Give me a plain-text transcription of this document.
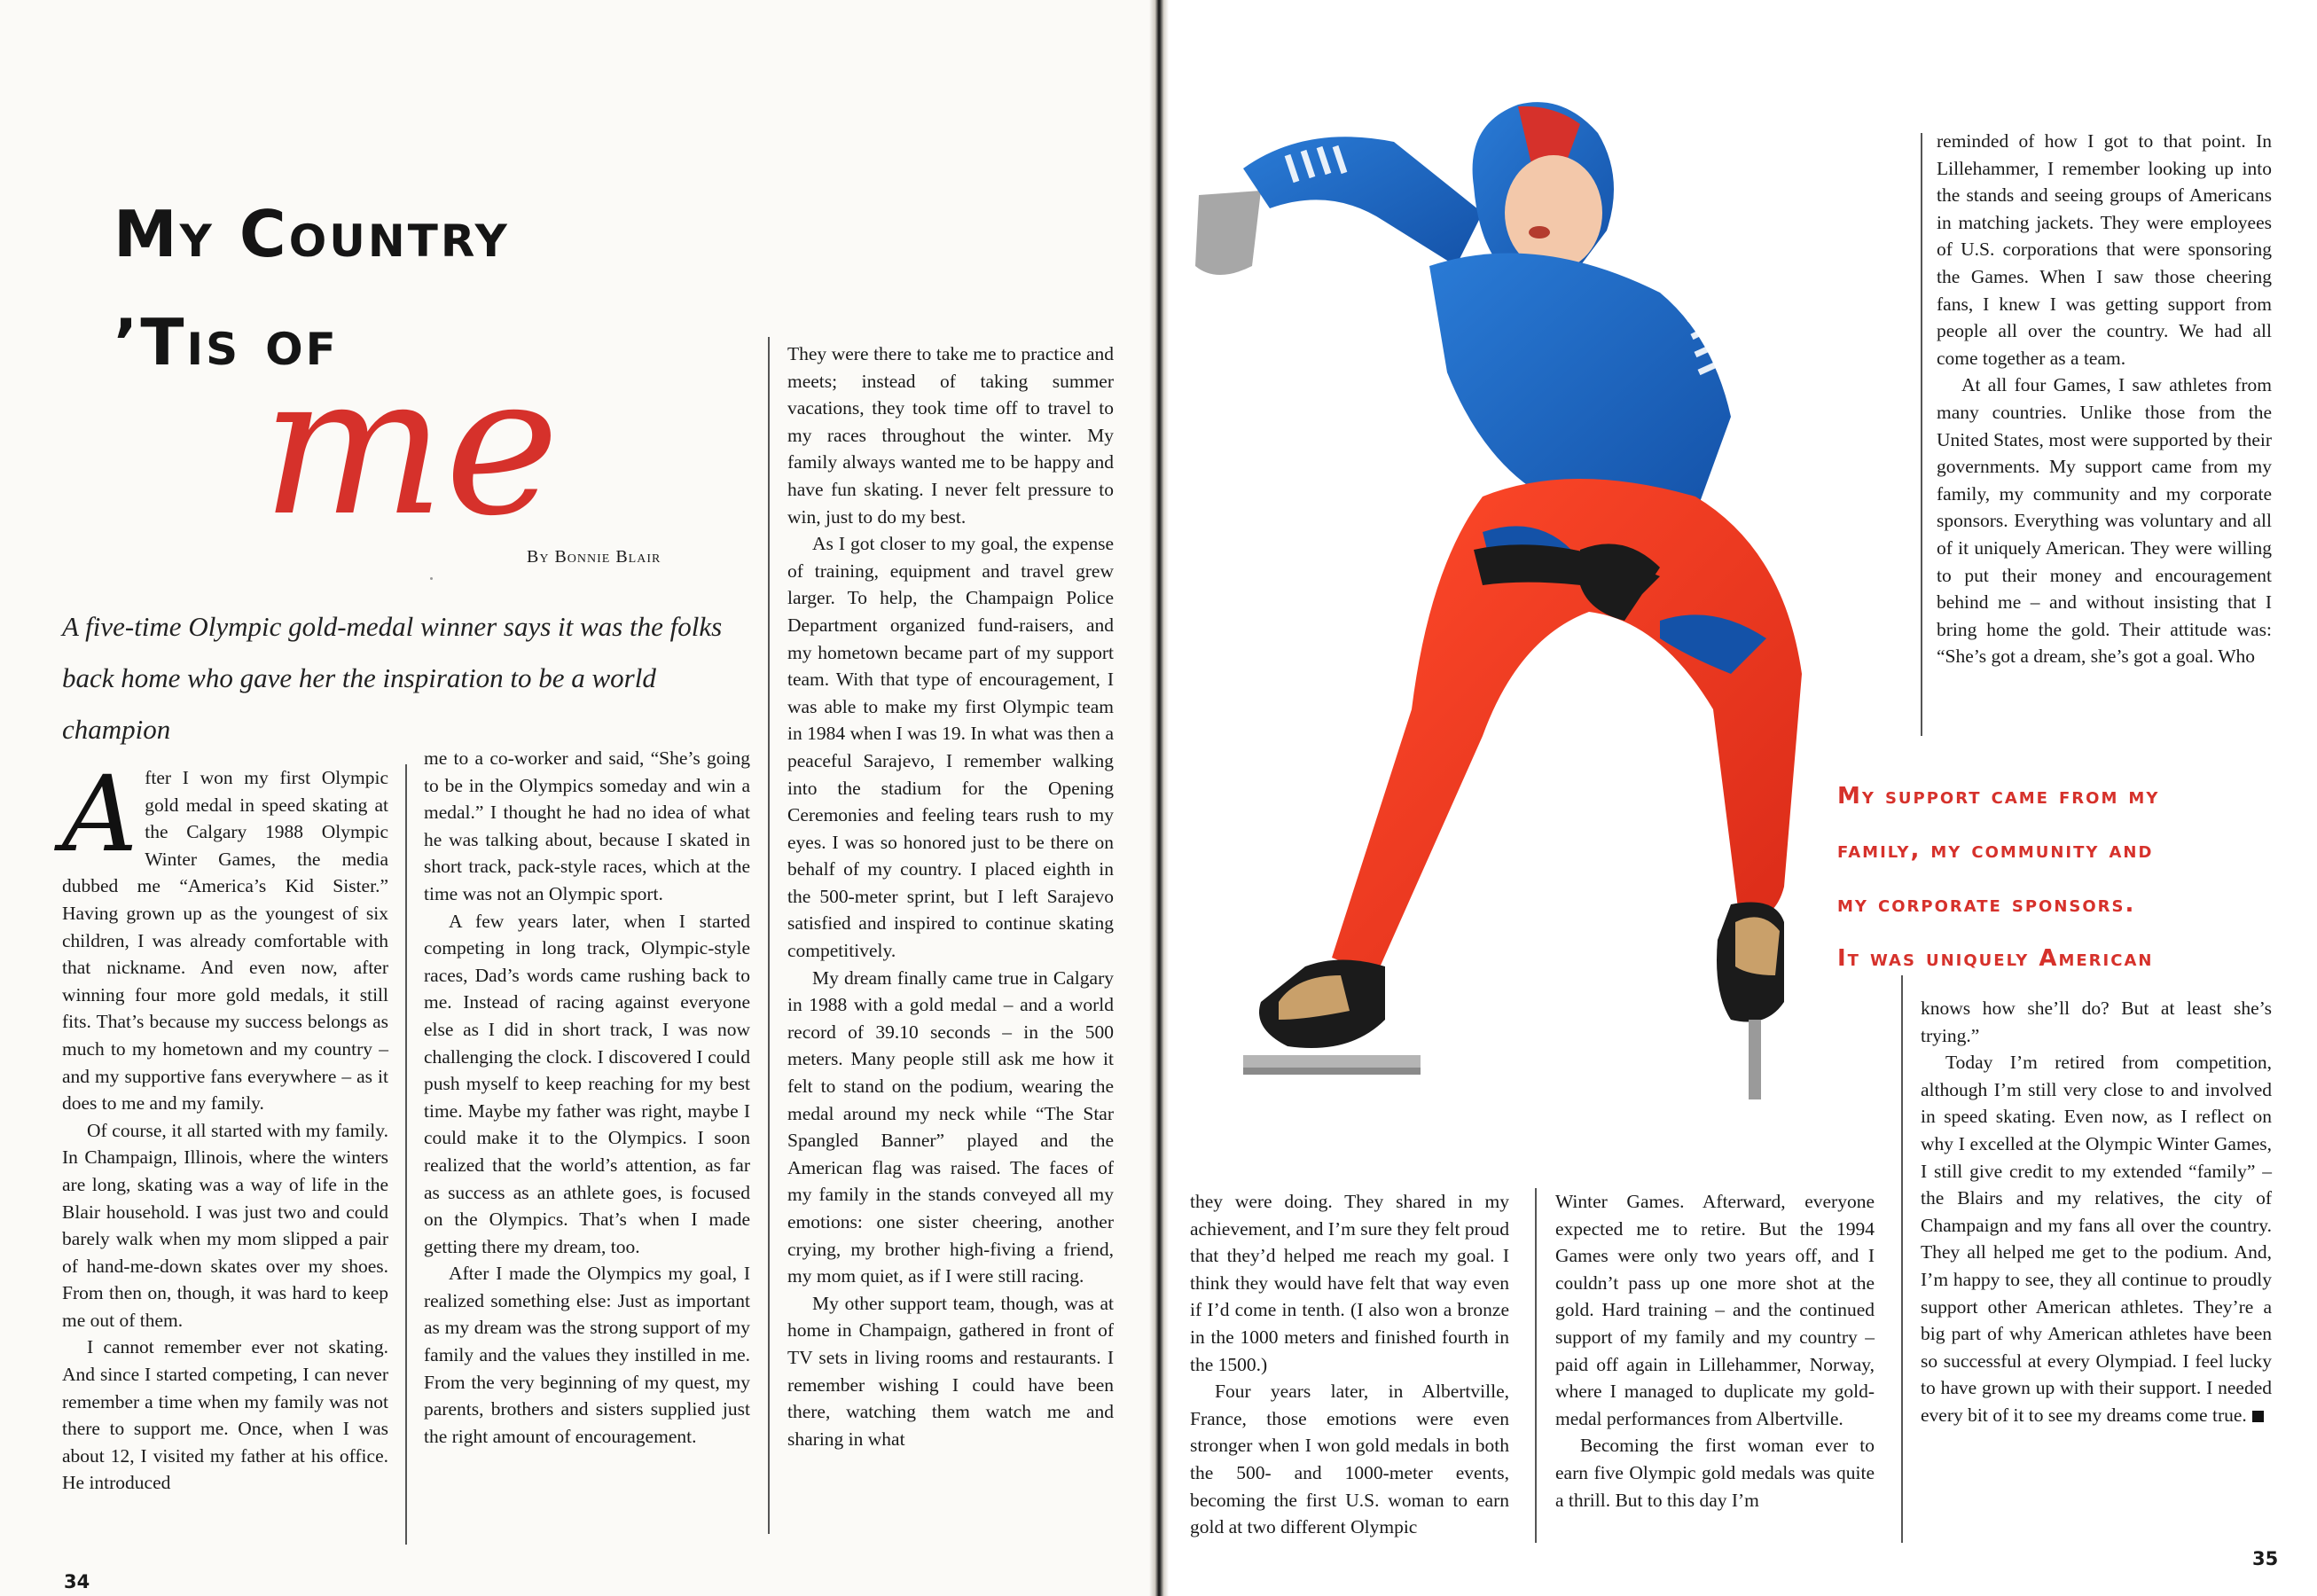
My Country
’Tis of
me
By Bonnie Blair
A five-time Olympic gold-medal winner says it was the folks back home who gave her the inspiration to be a world champion

After I won my first Olympic gold medal in speed skating at the Calgary 1988 Olympic Winter Games, the media dubbed me “America’s Kid Sister.” Having grown up as the youngest of six children, I was already comfortable with that nickname. And even now, after winning four more gold medals, it still fits. That’s because my success belongs as much to my hometown and my country – and my supportive fans everywhere – as it does to me and my family.

Of course, it all started with my family. In Champaign, Illinois, where the winters are long, skating was a way of life in the Blair household. I was just two and could barely walk when my mom slipped a pair of hand-me-down skates over my shoes. From then on, though, it was hard to keep me out of them.

I cannot remember ever not skating. And since I started competing, I can never remember a time when my family was not there to support me. Once, when I was about 12, I visited my father at his office. He introduced

me to a co-worker and said, “She’s going to be in the Olympics someday and win a medal.” I thought he had no idea of what he was talking about, because I skated in short track, pack-style races, which at the time was not an Olympic sport.

A few years later, when I started competing in long track, Olympic-style races, Dad’s words came rushing back to me. Instead of racing against everyone else as I did in short track, I was now challenging the clock. I discovered I could push myself to keep reaching for my best time. Maybe my father was right, maybe I could make it to the Olympics. I soon realized that the world’s attention, as far as success as an athlete goes, is focused on the Olympics. That’s when I made getting there my dream, too.

After I made the Olympics my goal, I realized something else: Just as important as my dream was the strong support of my family and the values they instilled in me. From the very beginning of my quest, my parents, brothers and sisters supplied just the right amount of encouragement.

They were there to take me to practice and meets; instead of taking summer vacations, they took time off to travel to my races throughout the winter. My family always wanted me to be happy and have fun skating. I never felt pressure to win, just to do my best.

As I got closer to my goal, the expense of training, equipment and travel grew larger. To help, the Champaign Police Department organized fund-raisers, and my hometown became part of my support team. With that type of encouragement, I was able to make my first Olympic team in 1984 when I was 19. In what was then a peaceful Sarajevo, I remember walking into the stadium for the Opening Ceremonies and feeling tears rush to my eyes. I was so honored just to be there on behalf of my country. I placed eighth in the 500-meter sprint, but I left Sarajevo satisfied and inspired to continue skating competitively.

My dream finally came true in Calgary in 1988 with a gold medal – and a world record of 39.10 seconds – in the 500 meters. Many people still ask me how it felt to stand on the podium, wearing the medal around my neck while “The Star Spangled Banner” played and the American flag was raised. The faces of my family in the stands conveyed all my emotions: one sister cheering, another crying, my brother high-fiving a friend, my mom quiet, as if I were still racing.

My other support team, though, was at home in Champaign, gathered in front of TV sets in living rooms and restaurants. I remember wishing I could have been there, watching them watch me and sharing in what

34

reminded of how I got to that point. In Lillehammer, I remember looking up into the stands and seeing groups of Americans in matching jackets. They were employees of U.S. corporations that were sponsoring the Games. When I saw those cheering fans, I knew I was getting support from people all over the country. We had all come together as a team.

At all four Games, I saw athletes from many countries. Unlike those from the United States, most were supported by their governments. My support came from my family, my community and my corporate sponsors. Everything was voluntary and all of it uniquely American. They were willing to put their money and encouragement behind me – and without insisting that I bring home the gold. Their attitude was: “She’s got a dream, she’s got a goal. Who

they were doing. They shared in my achievement, and I’m sure they felt proud that they’d helped me reach my goal. I think they would have felt that way even if I’d come in tenth. (I also won a bronze in the 1000 meters and finished fourth in the 1500.)

Four years later, in Albertville, France, those emotions were even stronger when I won gold medals in both the 500- and 1000-meter events, becoming the first U.S. woman to earn gold at two different Olympic

Winter Games. Afterward, everyone expected me to retire. But the 1994 Games were only two years off, and I couldn’t pass up one more shot at the gold. Hard training – and the continued support of my family and my country – paid off again in Lillehammer, Norway, where I managed to duplicate my gold-medal performances from Albertville.

Becoming the first woman ever to earn five Olympic gold medals was quite a thrill. But to this day I’m

knows how she’ll do? But at least she’s trying.”

Today I’m retired from competition, although I’m still very close to and involved in speed skating. Even now, as I reflect on why I excelled at the Olympic Winter Games, I still give credit to my extended “family” – the Blairs and my relatives, the city of Champaign and my fans all over the country. They all helped me get to the podium. And, I’m happy to see, they all continue to proudly support other American athletes. They’re a big part of why American athletes have been so successful at every Olympiad. I feel lucky to have grown up with their support. I needed every bit of it to see my dreams come true.

35
My support came from my
family, my community and
my corporate sponsors.
It was uniquely American
